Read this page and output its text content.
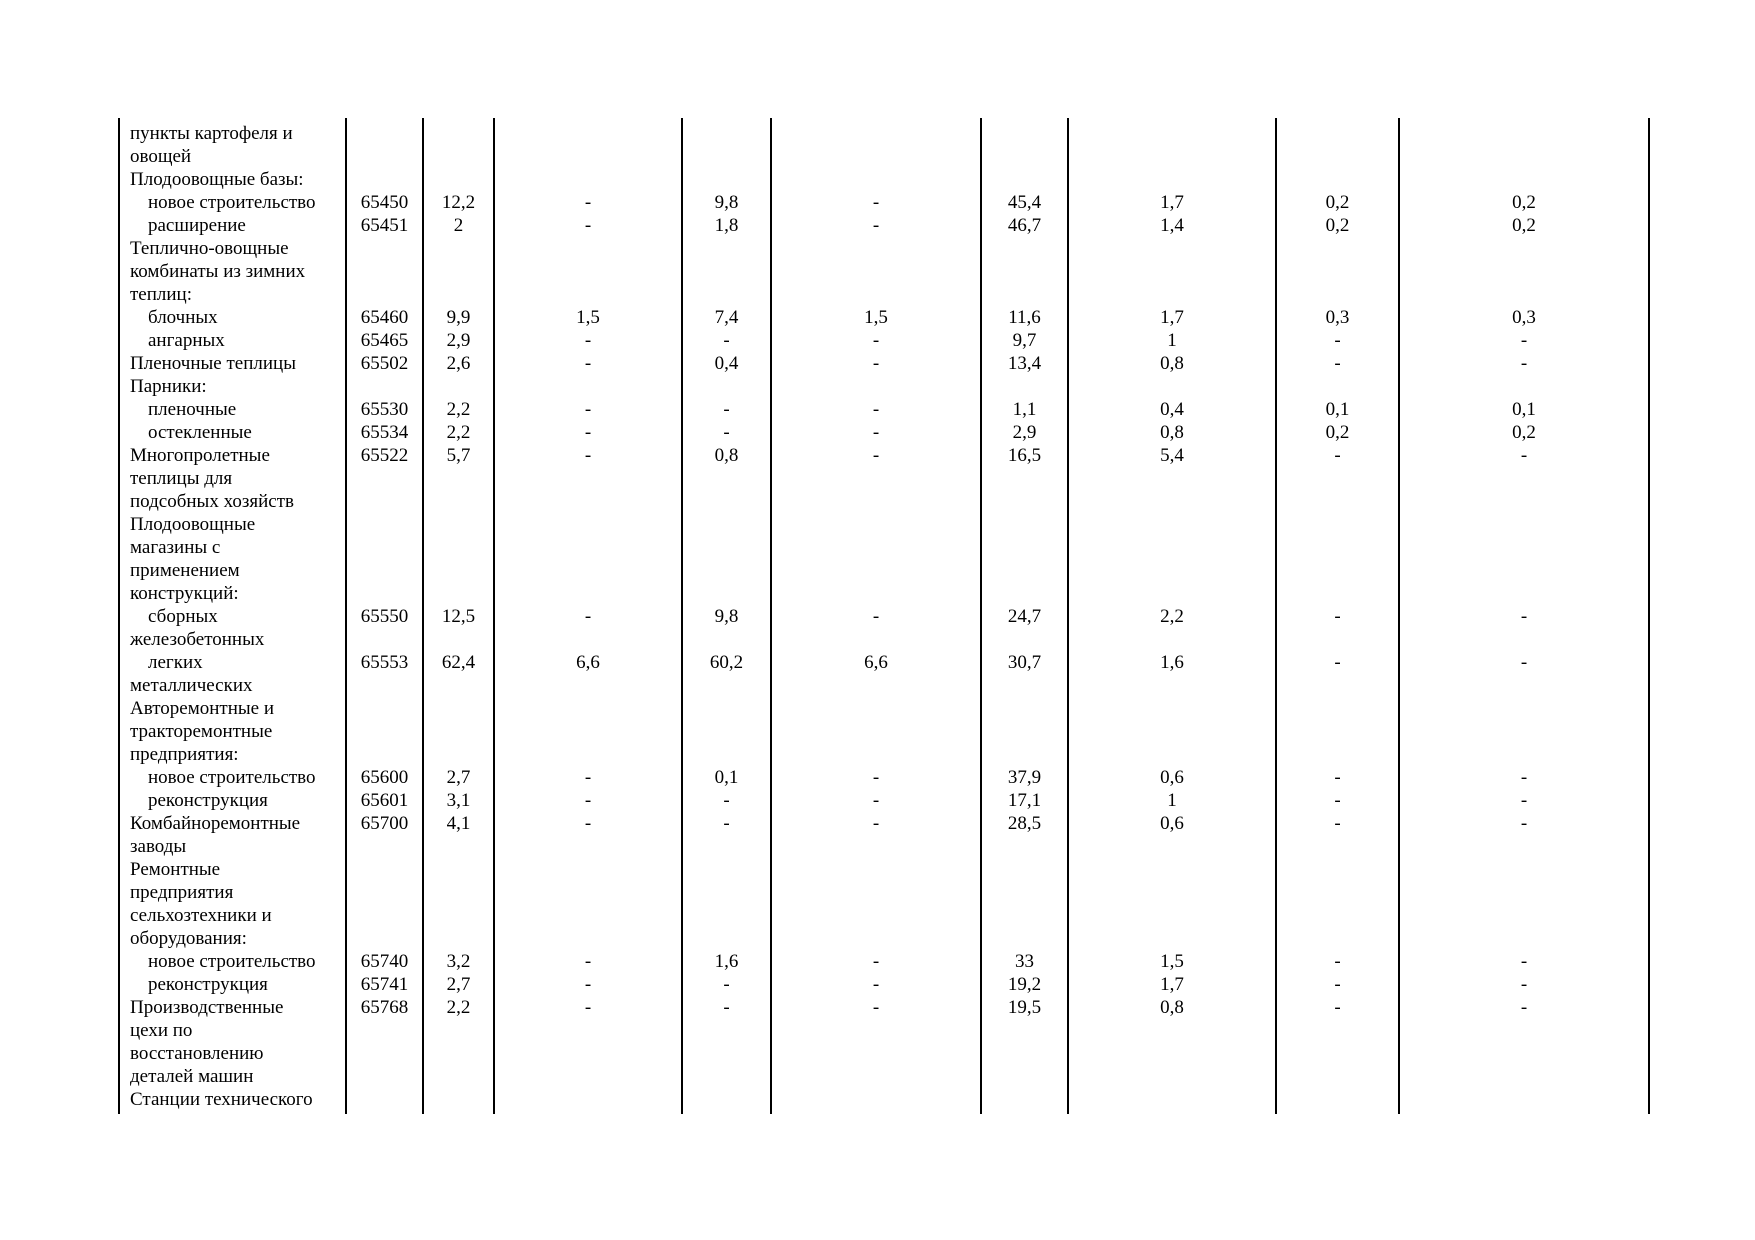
пункты картофеля и
овощей
Плодоовощные базы:
новое строительство	65450	12,2	-	9,8	-	45,4	1,7	0,2	0,2
расширение	65451	2	-	1,8	-	46,7	1,4	0,2	0,2
Теплично-овощные
комбинаты из зимних
теплиц:
блочных	65460	9,9	1,5	7,4	1,5	11,6	1,7	0,3	0,3
ангарных	65465	2,9	-	-	-	9,7	1	-	-
Пленочные теплицы	65502	2,6	-	0,4	-	13,4	0,8	-	-
Парники:
пленочные	65530	2,2	-	-	-	1,1	0,4	0,1	0,1
остекленные	65534	2,2	-	-	-	2,9	0,8	0,2	0,2
Многопролетные	65522	5,7	-	0,8	-	16,5	5,4	-	-
теплицы для
подсобных хозяйств
Плодоовощные
магазины с
применением
конструкций:
сборных	65550	12,5	-	9,8	-	24,7	2,2	-	-
железобетонных
легких	65553	62,4	6,6	60,2	6,6	30,7	1,6	-	-
металлических
Авторемонтные и
тракторемонтные
предприятия:
новое строительство	65600	2,7	-	0,1	-	37,9	0,6	-	-
реконструкция	65601	3,1	-	-	-	17,1	1	-	-
Комбайноремонтные	65700	4,1	-	-	-	28,5	0,6	-	-
заводы
Ремонтные
предприятия
сельхозтехники и
оборудования:
новое строительство	65740	3,2	-	1,6	-	33	1,5	-	-
реконструкция	65741	2,7	-	-	-	19,2	1,7	-	-
Производственные	65768	2,2	-	-	-	19,5	0,8	-	-
цехи по
восстановлению
деталей машин
Станции технического
